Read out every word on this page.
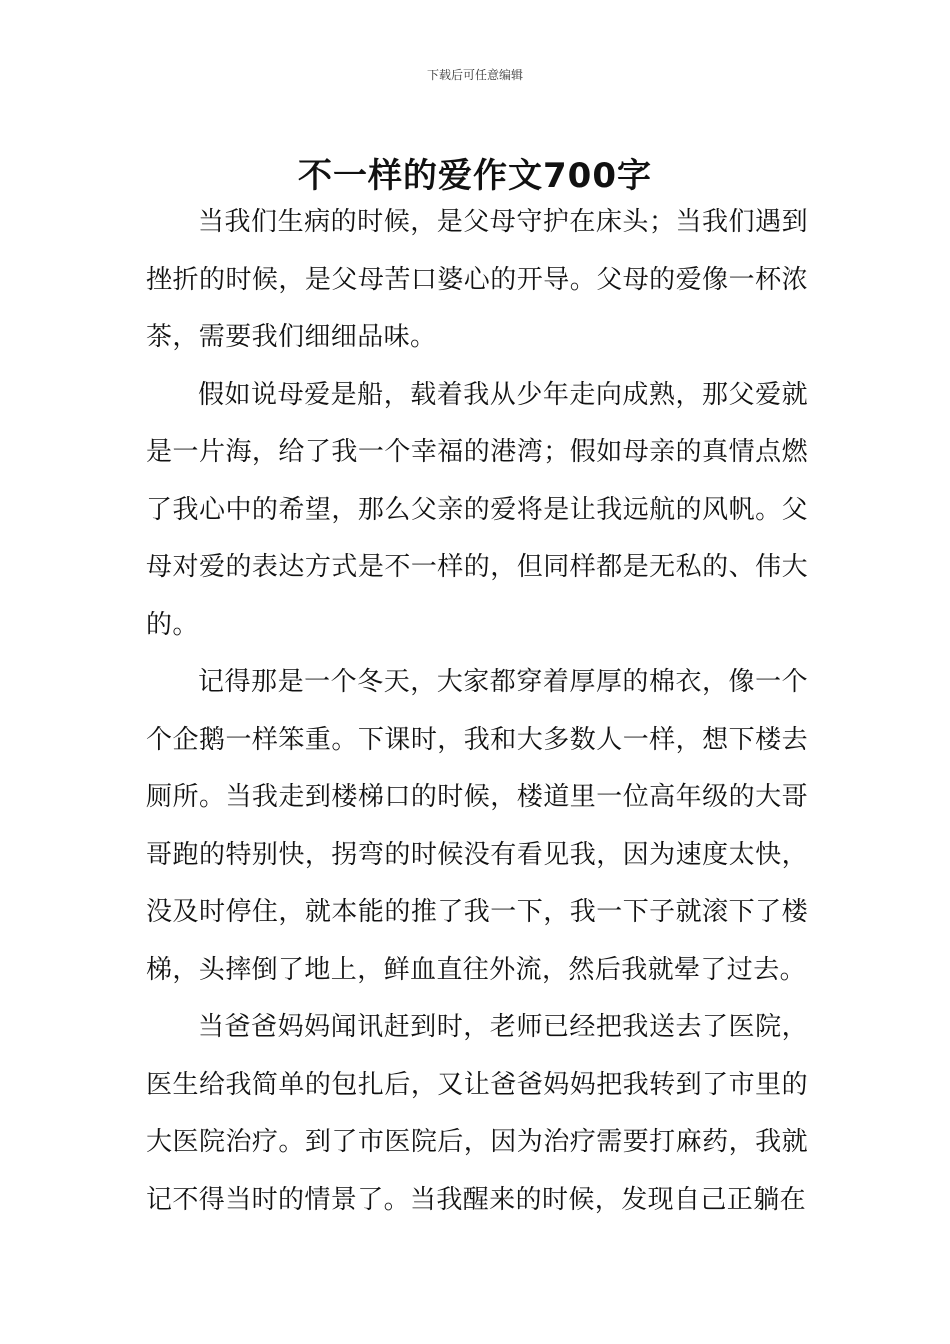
下载后可任意编辑
不一样的爱作文700字

当我们生病的时候，是父母守护在床头；当我们遇到挫折的时候，是父母苦口婆心的开导。父母的爱像一杯浓茶，需要我们细细品味。

假如说母爱是船，载着我从少年走向成熟，那父爱就是一片海，给了我一个幸福的港湾；假如母亲的真情点燃了我心中的希望，那么父亲的爱将是让我远航的风帆。父母对爱的表达方式是不一样的，但同样都是无私的、伟大的。

记得那是一个冬天，大家都穿着厚厚的棉衣，像一个个企鹅一样笨重。下课时，我和大多数人一样，想下楼去厕所。当我走到楼梯口的时候，楼道里一位高年级的大哥哥跑的特别快，拐弯的时候没有看见我，因为速度太快，没及时停住，就本能的推了我一下，我一下子就滚下了楼梯，头摔倒了地上，鲜血直往外流，然后我就晕了过去。

当爸爸妈妈闻讯赶到时，老师已经把我送去了医院，医生给我简单的包扎后，又让爸爸妈妈把我转到了市里的大医院治疗。到了市医院后，因为治疗需要打麻药，我就记不得当时的情景了。当我醒来的时候，发现自己正躺在
